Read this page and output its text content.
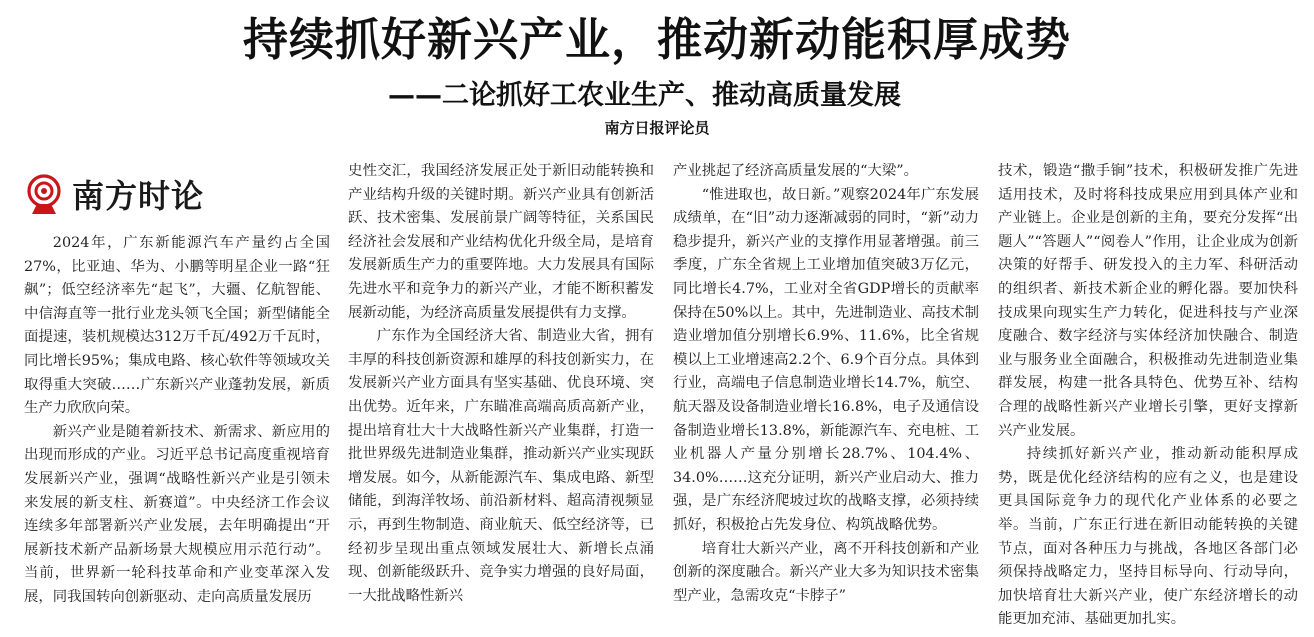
持续抓好新兴产业，推动新动能积厚成势
——二论抓好工农业生产、推动高质量发展
南方日报评论员
南方时论

2024年，广东新能源汽车产量约占全国27%，比亚迪、华为、小鹏等明星企业一路“狂飙”；低空经济率先“起飞”，大疆、亿航智能、中信海直等一批行业龙头领飞全国；新型储能全面提速，装机规模达312万千瓦/492万千瓦时，同比增长95%；集成电路、核心软件等领域攻关取得重大突破……广东新兴产业蓬勃发展，新质生产力欣欣向荣。

新兴产业是随着新技术、新需求、新应用的出现而形成的产业。习近平总书记高度重视培育发展新兴产业，强调“战略性新兴产业是引领未来发展的新支柱、新赛道”。中央经济工作会议连续多年部署新兴产业发展，去年明确提出“开展新技术新产品新场景大规模应用示范行动”。当前，世界新一轮科技革命和产业变革深入发展，同我国转向创新驱动、走向高质量发展历

史性交汇，我国经济发展正处于新旧动能转换和产业结构升级的关键时期。新兴产业具有创新活跃、技术密集、发展前景广阔等特征，关系国民经济社会发展和产业结构优化升级全局，是培育发展新质生产力的重要阵地。大力发展具有国际先进水平和竞争力的新兴产业，才能不断积蓄发展新动能，为经济高质量发展提供有力支撑。

广东作为全国经济大省、制造业大省，拥有丰厚的科技创新资源和雄厚的科技创新实力，在发展新兴产业方面具有坚实基础、优良环境、突出优势。近年来，广东瞄准高端高质高新产业，提出培育壮大十大战略性新兴产业集群，打造一批世界级先进制造业集群，推动新兴产业实现跃增发展。如今，从新能源汽车、集成电路、新型储能，到海洋牧场、前沿新材料、超高清视频显示，再到生物制造、商业航天、低空经济等，已经初步呈现出重点领域发展壮大、新增长点涌现、创新能级跃升、竞争实力增强的良好局面，一大批战略性新兴

产业挑起了经济高质量发展的“大梁”。

“惟进取也，故日新。”观察2024年广东发展成绩单，在“旧”动力逐渐减弱的同时，“新”动力稳步提升，新兴产业的支撑作用显著增强。前三季度，广东全省规上工业增加值突破3万亿元，同比增长4.7%，工业对全省GDP增长的贡献率保持在50%以上。其中，先进制造业、高技术制造业增加值分别增长6.9%、11.6%，比全省规模以上工业增速高2.2个、6.9个百分点。具体到行业，高端电子信息制造业增长14.7%，航空、航天器及设备制造业增长16.8%，电子及通信设备制造业增长13.8%，新能源汽车、充电桩、工业机器人产量分别增长28.7%、104.4%、34.0%……这充分证明，新兴产业启动大、推力强，是广东经济爬坡过坎的战略支撑，必须持续抓好，积极抢占先发身位、构筑战略优势。

培育壮大新兴产业，离不开科技创新和产业创新的深度融合。新兴产业大多为知识技术密集型产业，急需攻克“卡脖子”

技术，锻造“撒手锏”技术，积极研发推广先进适用技术，及时将科技成果应用到具体产业和产业链上。企业是创新的主角，要充分发挥“出题人”“答题人”“阅卷人”作用，让企业成为创新决策的好帮手、研发投入的主力军、科研活动的组织者、新技术新企业的孵化器。要加快科技成果向现实生产力转化，促进科技与产业深度融合、数字经济与实体经济加快融合、制造业与服务业全面融合，积极推动先进制造业集群发展，构建一批各具特色、优势互补、结构合理的战略性新兴产业增长引擎，更好支撑新兴产业发展。

持续抓好新兴产业，推动新动能积厚成势，既是优化经济结构的应有之义，也是建设更具国际竞争力的现代化产业体系的必要之举。当前，广东正行进在新旧动能转换的关键节点，面对各种压力与挑战，各地区各部门必须保持战略定力，坚持目标导向、行动导向，加快培育壮大新兴产业，使广东经济增长的动能更加充沛、基础更加扎实。
